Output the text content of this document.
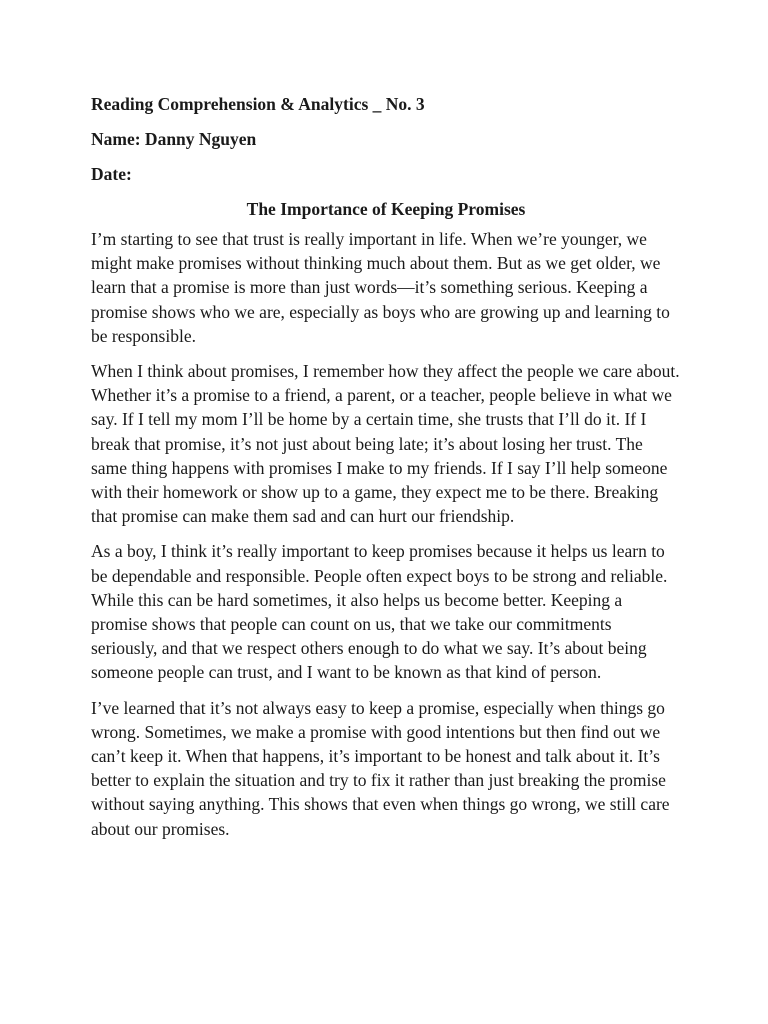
Reading Comprehension & Analytics _ No. 3
Name: Danny Nguyen
Date:
The Importance of Keeping Promises

I’m starting to see that trust is really important in life. When we’re younger, we might make promises without thinking much about them. But as we get older, we learn that a promise is more than just words—it’s something serious. Keeping a promise shows who we are, especially as boys who are growing up and learning to be responsible.

When I think about promises, I remember how they affect the people we care about. Whether it’s a promise to a friend, a parent, or a teacher, people believe in what we say. If I tell my mom I’ll be home by a certain time, she trusts that I’ll do it. If I break that promise, it’s not just about being late; it’s about losing her trust. The same thing happens with promises I make to my friends. If I say I’ll help someone with their homework or show up to a game, they expect me to be there. Breaking that promise can make them sad and can hurt our friendship.

As a boy, I think it’s really important to keep promises because it helps us learn to be dependable and responsible. People often expect boys to be strong and reliable. While this can be hard sometimes, it also helps us become better. Keeping a promise shows that people can count on us, that we take our commitments seriously, and that we respect others enough to do what we say. It’s about being someone people can trust, and I want to be known as that kind of person.

I’ve learned that it’s not always easy to keep a promise, especially when things go wrong. Sometimes, we make a promise with good intentions but then find out we can’t keep it. When that happens, it’s important to be honest and talk about it. It’s better to explain the situation and try to fix it rather than just breaking the promise without saying anything. This shows that even when things go wrong, we still care about our promises.
